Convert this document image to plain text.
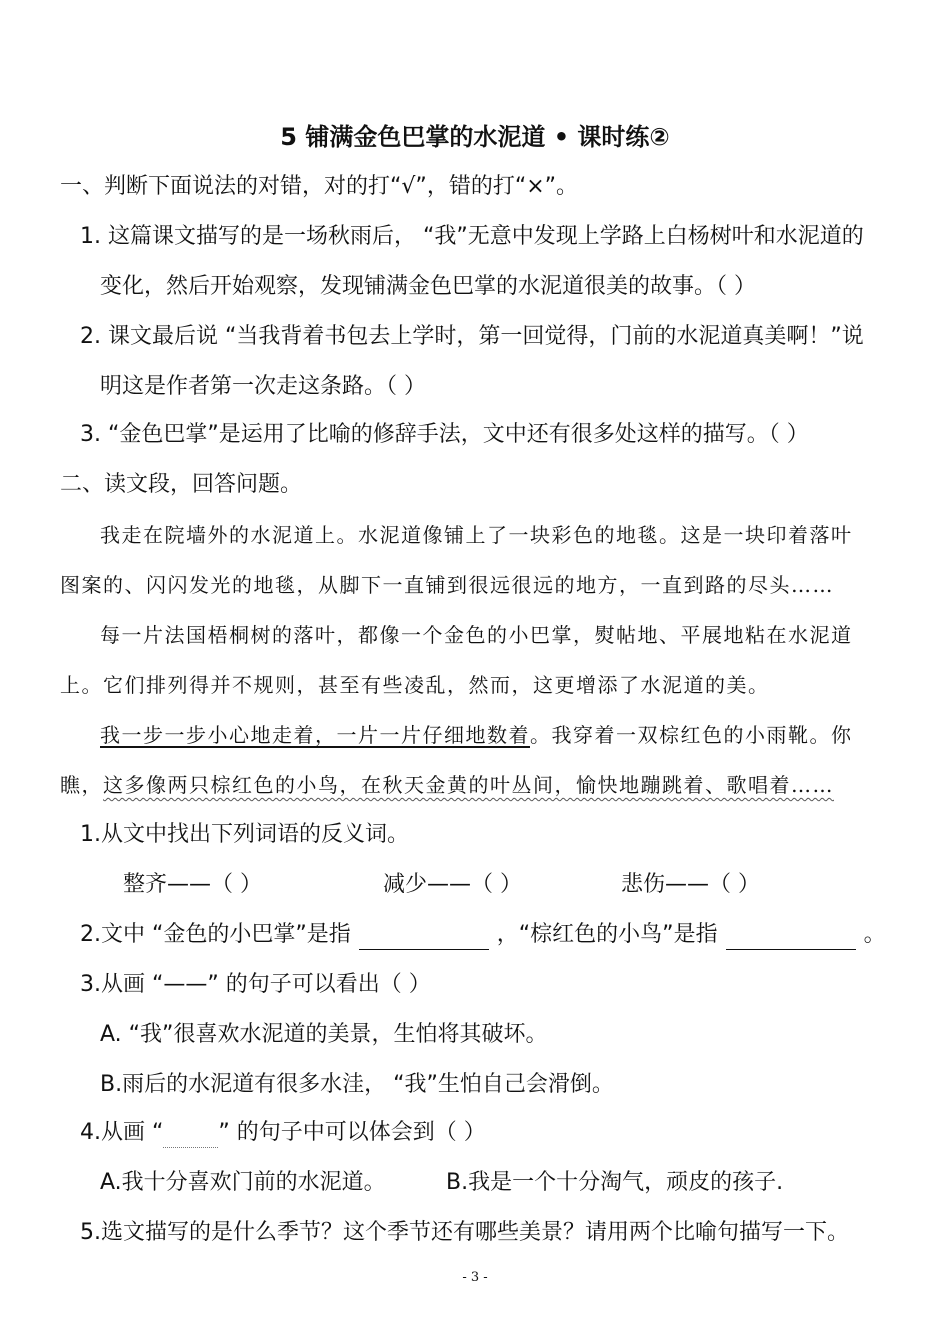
5 铺满金色巴掌的水泥道 • 课时练②
一、判断下面说法的对错，对的打“√”，错的打“×”。
1. 这篇课文描写的是一场秋雨后， “我”无意中发现上学路上白杨树叶和水泥道的
变化，然后开始观察，发现铺满金色巴掌的水泥道很美的故事。（ ）
2. 课文最后说 “当我背着书包去上学时，第一回觉得，门前的水泥道真美啊！”说
明这是作者第一次走这条路。（ ）
3. “金色巴掌”是运用了比喻的修辞手法，文中还有很多处这样的描写。（ ）
二、读文段，回答问题。
我走在院墙外的水泥道上。水泥道像铺上了一块彩色的地毯。这是一块印着落叶
图案的、闪闪发光的地毯，从脚下一直铺到很远很远的地方，一直到路的尽头……
每一片法国梧桐树的落叶，都像一个金色的小巴掌，熨帖地、平展地粘在水泥道
上。它们排列得并不规则，甚至有些凌乱，然而，这更增添了水泥道的美。
我一步一步小心地走着，一片一片仔细地数着。我穿着一双棕红色的小雨靴。你
瞧，这多像两只棕红色的小鸟，在秋天金黄的叶丛间，愉快地蹦跳着、歌唱着……
1.从文中找出下列词语的反义词。
整齐——（ ）	减少——（ ）	悲伤——（ ）
2.文中 “金色的小巴掌”是指	，“棕红色的小鸟”是指	。
3.从画 “——” 的句子可以看出（ ）
A. “我”很喜欢水泥道的美景，生怕将其破坏。
B.雨后的水泥道有很多水洼， “我”生怕自己会滑倒。
4.从画 “	” 的句子中可以体会到（ ）
A.我十分喜欢门前的水泥道。	B.我是一个十分淘气，顽皮的孩子.
5.选文描写的是什么季节？这个季节还有哪些美景？请用两个比喻句描写一下。
- 3 -
